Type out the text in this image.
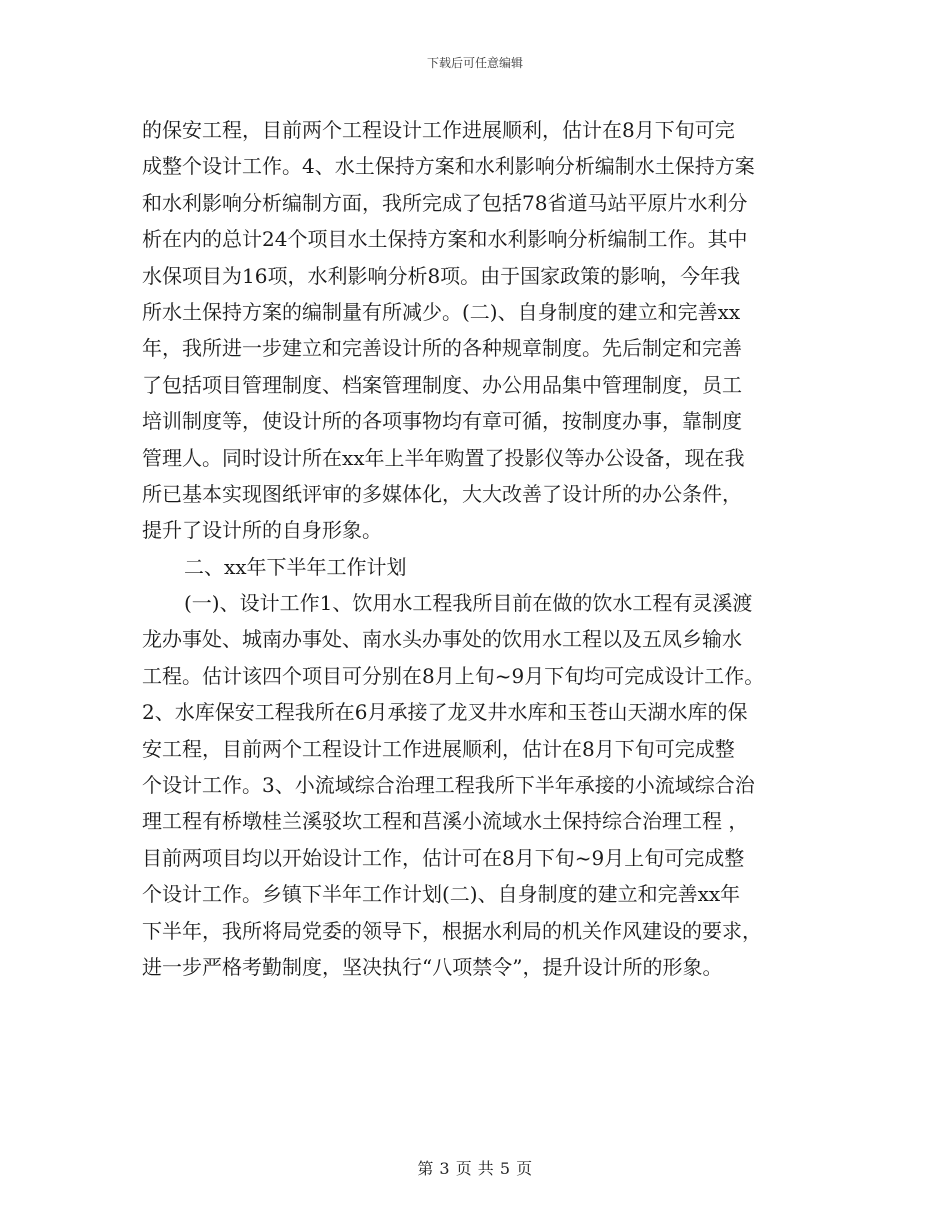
下载后可任意编辑
的保安工程，目前两个工程设计工作进展顺利，估计在8月下旬可完
成整个设计工作。4、水土保持方案和水利影响分析编制水土保持方案
和水利影响分析编制方面，我所完成了包括78省道马站平原片水利分
析在内的总计24个项目水土保持方案和水利影响分析编制工作。其中
水保项目为16项，水利影响分析8项。由于国家政策的影响，今年我
所水土保持方案的编制量有所减少。(二)、自身制度的建立和完善xx
年，我所进一步建立和完善设计所的各种规章制度。先后制定和完善
了包括项目管理制度、档案管理制度、办公用品集中管理制度，员工
培训制度等，使设计所的各项事物均有章可循，按制度办事，靠制度
管理人。同时设计所在xx年上半年购置了投影仪等办公设备，现在我
所已基本实现图纸评审的多媒体化，大大改善了设计所的办公条件，
提升了设计所的自身形象。
二、xx年下半年工作计划
(一)、设计工作1、饮用水工程我所目前在做的饮水工程有灵溪渡
龙办事处、城南办事处、南水头办事处的饮用水工程以及五凤乡输水
工程。估计该四个项目可分别在8月上旬~9月下旬均可完成设计工作。
2、水库保安工程我所在6月承接了龙叉井水库和玉苍山天湖水库的保
安工程，目前两个工程设计工作进展顺利，估计在8月下旬可完成整
个设计工作。3、小流域综合治理工程我所下半年承接的小流域综合治
理工程有桥墩桂兰溪驳坎工程和莒溪小流域水土保持综合治理工程 ，
目前两项目均以开始设计工作，估计可在8月下旬~9月上旬可完成整
个设计工作。乡镇下半年工作计划(二)、自身制度的建立和完善xx年
下半年，我所将局党委的领导下，根据水利局的机关作风建设的要求，
进一步严格考勤制度，坚决执行“八项禁令”，提升设计所的形象。
第 3 页 共 5 页
